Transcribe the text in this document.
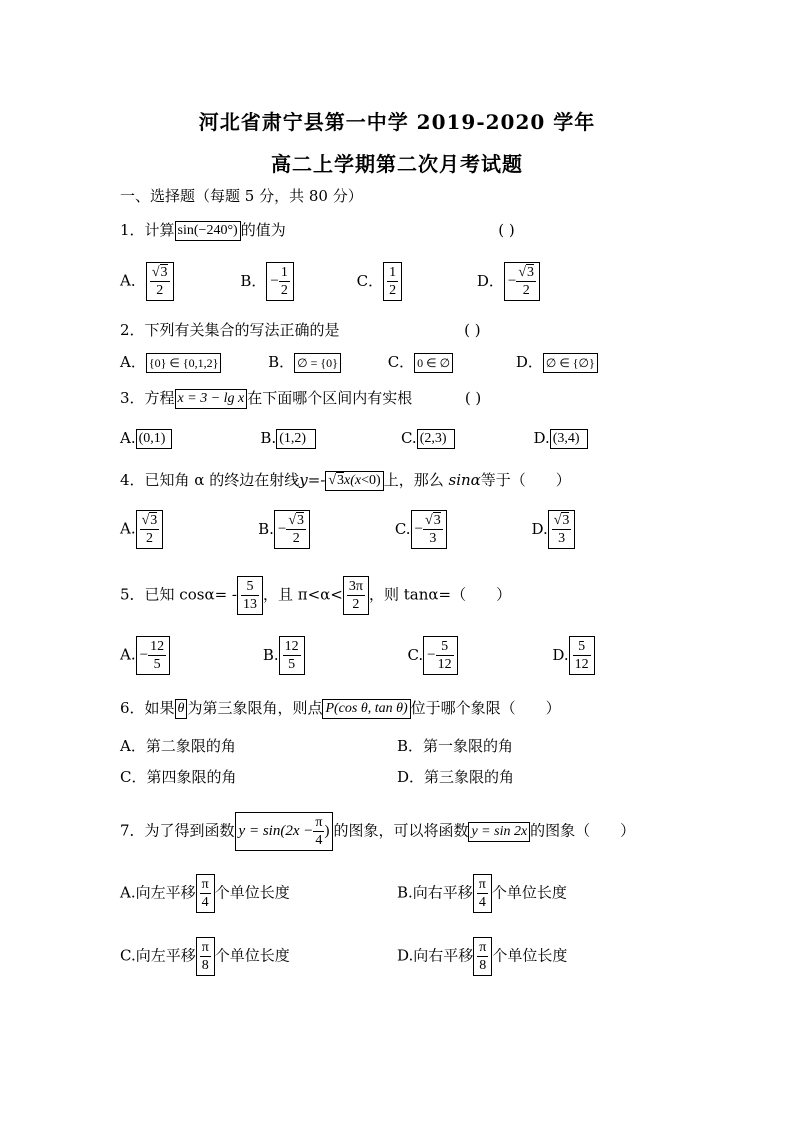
河北省肃宁县第一中学 2019-2020 学年
高二上学期第二次月考试题
一、选择题（每题 5 分，共 80 分）
1．计算 sin(−240°) 的值为	( )
A． $\frac{√3}{2}$	B． − $\frac{1}{2}$	C． $\frac{1}{2}$	D． − $\frac{√3}{2}$
2．下列有关集合的写法正确的是	( )
A． {0} ∈ {0,1,2}	B． ∅ = {0}	C． 0 ∈ ∅	D． ∅ ∈ {∅}
3．方程 x = 3 − lg x 在下面哪个区间内有实根	( )
A. (0,1)	B. (1,2)	C. (2,3)	D. (3,4)
4．已知角 α 的终边在射线y=- √3x(x<0) 上，那么 sinα等于（　　）
A. $\frac{√3}{2}$	B. − $\frac{√3}{2}$	C. − $\frac{√3}{3}$	D. $\frac{√3}{3}$
5．已知 $\cos\alpha= - \frac{5}{13}$ ，且 $\pi<\alpha< \frac{3\pi}{2}$ ，则 tanα=（　　）
A. − $\frac{12}{5}$	B. $\frac{12}{5}$	C. − $\frac{5}{12}$	D. $\frac{5}{12}$
6．如果 θ 为第三象限角，则点 P(cos θ, tan θ) 位于哪个象限（　　）
A．第二象限的角	B．第一象限的角
C．第四象限的角	D．第三象限的角
7．为了得到函数 $y = \sin(2x - \frac{\pi}{4}$ ) 的图象，可以将函数 y = sin 2x 的图象（　　）
A.向左平移 $\frac{\pi}{4}$ 个单位长度	B.向右平移 $\frac{\pi}{4}$ 个单位长度
C.向左平移 $\frac{\pi}{8}$ 个单位长度	D.向右平移 $\frac{\pi}{8}$ 个单位长度
